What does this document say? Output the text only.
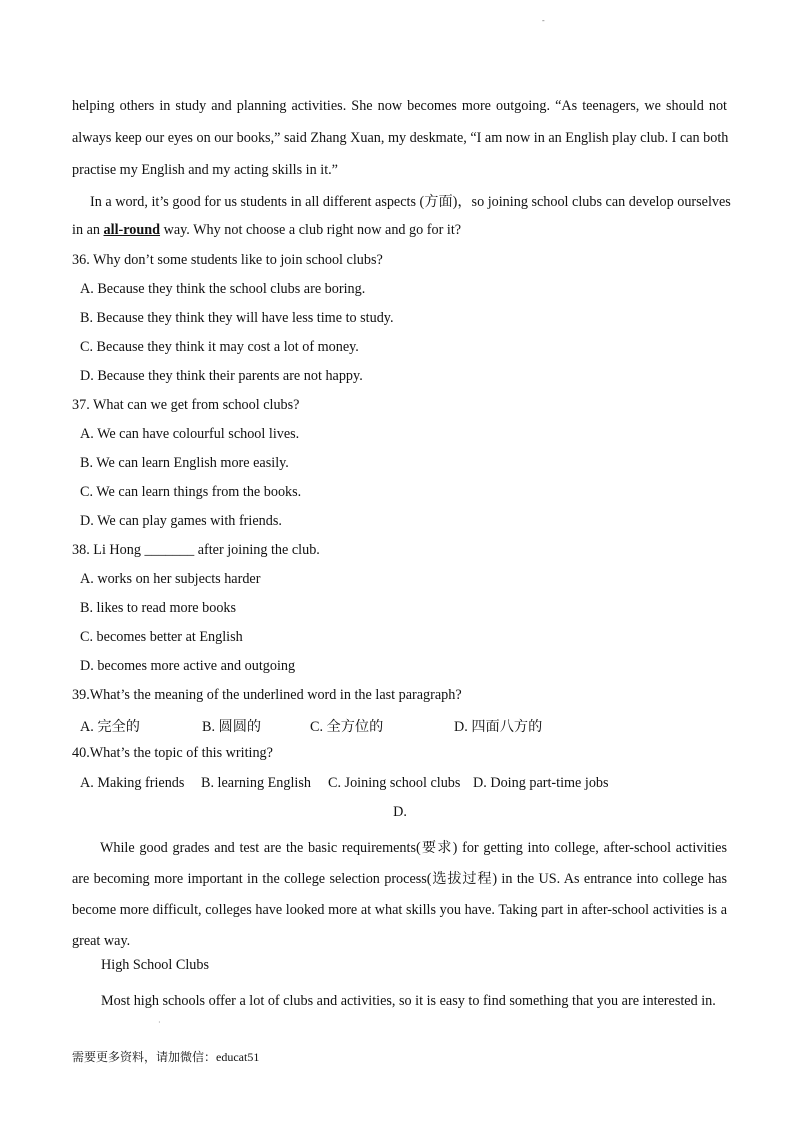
-
helping others in study and planning activities. She now becomes more outgoing. “As teenagers, we should not
always keep our eyes on our books,” said Zhang Xuan, my deskmate, “I am now in an English play club. I can both
practise my English and my acting skills in it.”
In a word, it’s good for us students in all different aspects (方面)，so joining school clubs can develop ourselves
in an all-round way. Why not choose a club right now and go for it?
36. Why don’t some students like to join school clubs?
A. Because they think the school clubs are boring.
B. Because they think they will have less time to study.
C. Because they think it may cost a lot of money.
D. Because they think their parents are not happy.
37. What can we get from school clubs?
A. We can have colourful school lives.
B. We can learn English more easily.
C. We can learn things from the books.
D. We can play games with friends.
38. Li Hong _______ after joining the club.
A. works on her subjects harder
B. likes to read more books
C. becomes better at English
D. becomes more active and outgoing
39.What’s the meaning of the underlined word in the last paragraph?
A. 完全的	B. 圆圆的	C. 全方位的	D. 四面八方的
40.What’s the topic of this writing?
A. Making friends B. learning English C. Joining school clubs D. Doing part-time jobs
D.
While good grades and test are the basic requirements(要求) for getting into college, after-school activities are becoming more important in the college selection process(选拔过程) in the US. As entrance into college has become more difficult, colleges have looked more at what skills you have. Taking part in after-school activities is a great way.
High School Clubs
Most high schools offer a lot of clubs and activities, so it is easy to find something that you are interested in.
·
需要更多资料，请加微信：educat51
